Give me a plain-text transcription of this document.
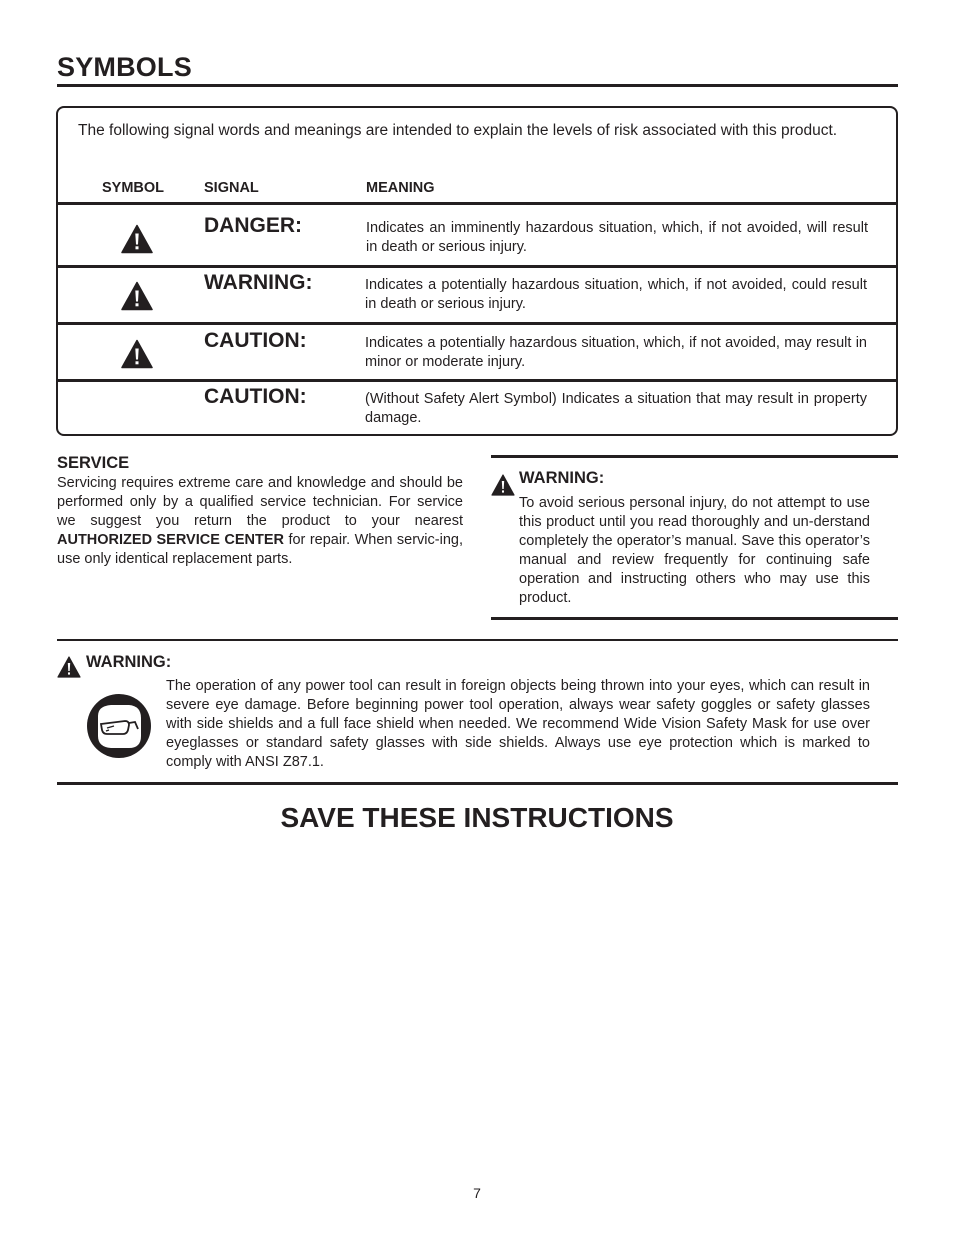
SYMBOLS
The following signal words and meanings are intended to explain the levels of risk associated with this product.
SYMBOL	SIGNAL	MEANING
DANGER:	Indicates an imminently hazardous situation, which, if not avoided, will result in death or serious injury.
WARNING:	Indicates a potentially hazardous situation, which, if not avoided, could result in death or serious injury.
CAUTION:	Indicates a potentially hazardous situation, which, if not avoided, may result in minor or moderate injury.
CAUTION:	(Without Safety Alert Symbol) Indicates a situation that may result in property damage.
SERVICE
Servicing requires extreme care and knowledge and should be performed only by a qualified service technician. For service we suggest you return the product to your nearest AUTHORIZED SERVICE CENTER for repair. When servic-ing, use only identical replacement parts.
WARNING:
To avoid serious personal injury, do not attempt to use this product until you read thoroughly and un-derstand completely the operator’s manual. Save this operator’s manual and review frequently for continuing safe operation and instructing others who may use this product.
WARNING:
The operation of any power tool can result in foreign objects being thrown into your eyes, which can result in severe eye damage. Before beginning power tool operation, always wear safety goggles or safety glasses with side shields and a full face shield when needed. We recommend Wide Vision Safety Mask for use over eyeglasses or standard safety glasses with side shields. Always use eye protection which is marked to comply with ANSI Z87.1.
SAVE THESE INSTRUCTIONS
7
